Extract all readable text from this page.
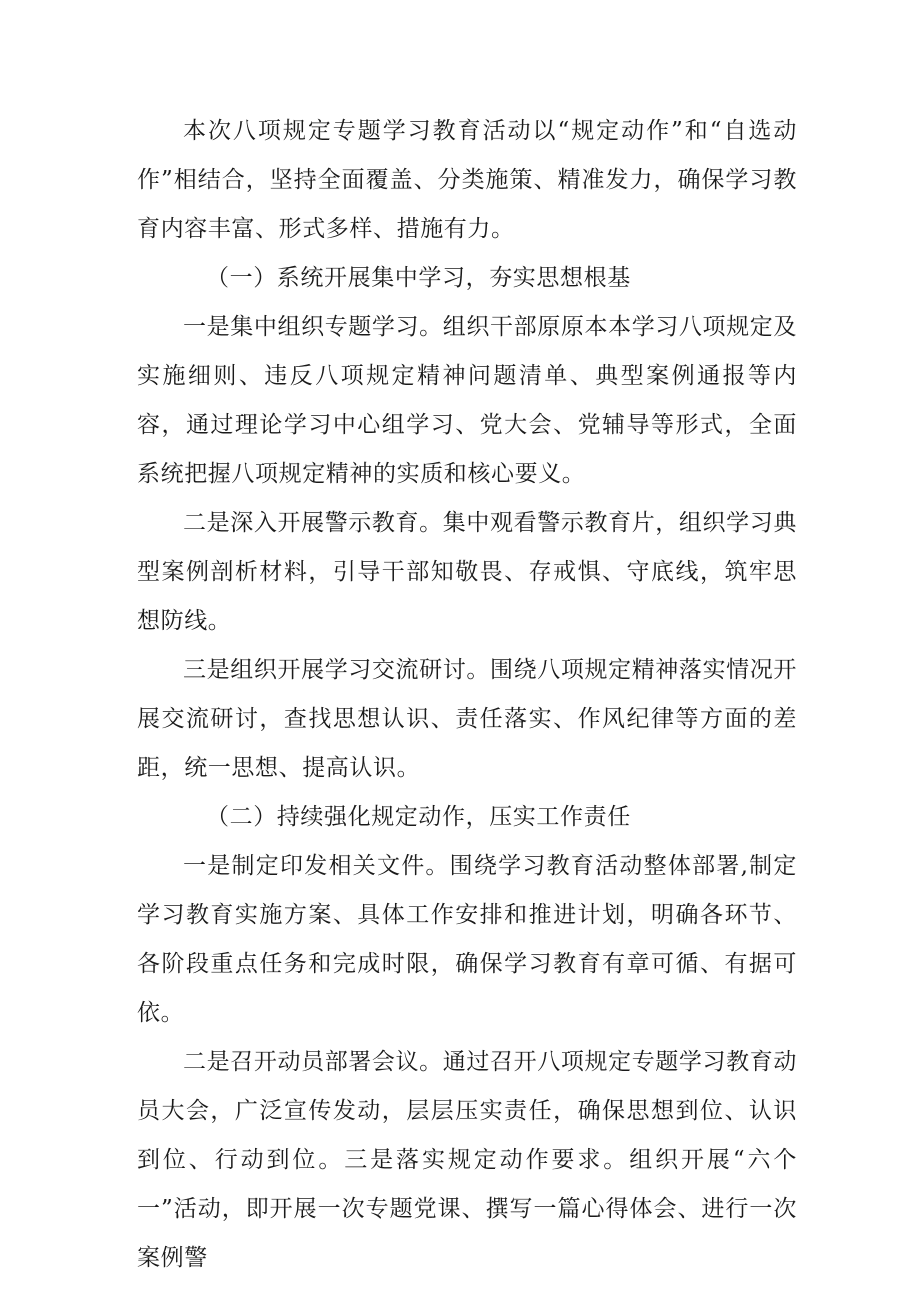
本次八项规定专题学习教育活动以“规定动作”和“自选动作”相结合，坚持全面覆盖、分类施策、精准发力，确保学习教育内容丰富、形式多样、措施有力。

（一）系统开展集中学习，夯实思想根基

一是集中组织专题学习。组织干部原原本本学习八项规定及实施细则、违反八项规定精神问题清单、典型案例通报等内容，通过理论学习中心组学习、党大会、党辅导等形式，全面系统把握八项规定精神的实质和核心要义。

二是深入开展警示教育。集中观看警示教育片，组织学习典型案例剖析材料，引导干部知敬畏、存戒惧、守底线，筑牢思想防线。

三是组织开展学习交流研讨。围绕八项规定精神落实情况开展交流研讨，查找思想认识、责任落实、作风纪律等方面的差距，统一思想、提高认识。

（二）持续强化规定动作，压实工作责任

一是制定印发相关文件。围绕学习教育活动整体部署,制定学习教育实施方案、具体工作安排和推进计划，明确各环节、各阶段重点任务和完成时限，确保学习教育有章可循、有据可依。

二是召开动员部署会议。通过召开八项规定专题学习教育动员大会，广泛宣传发动，层层压实责任，确保思想到位、认识到位、行动到位。三是落实规定动作要求。组织开展“六个一”活动，即开展一次专题党课、撰写一篇心得体会、进行一次案例警
